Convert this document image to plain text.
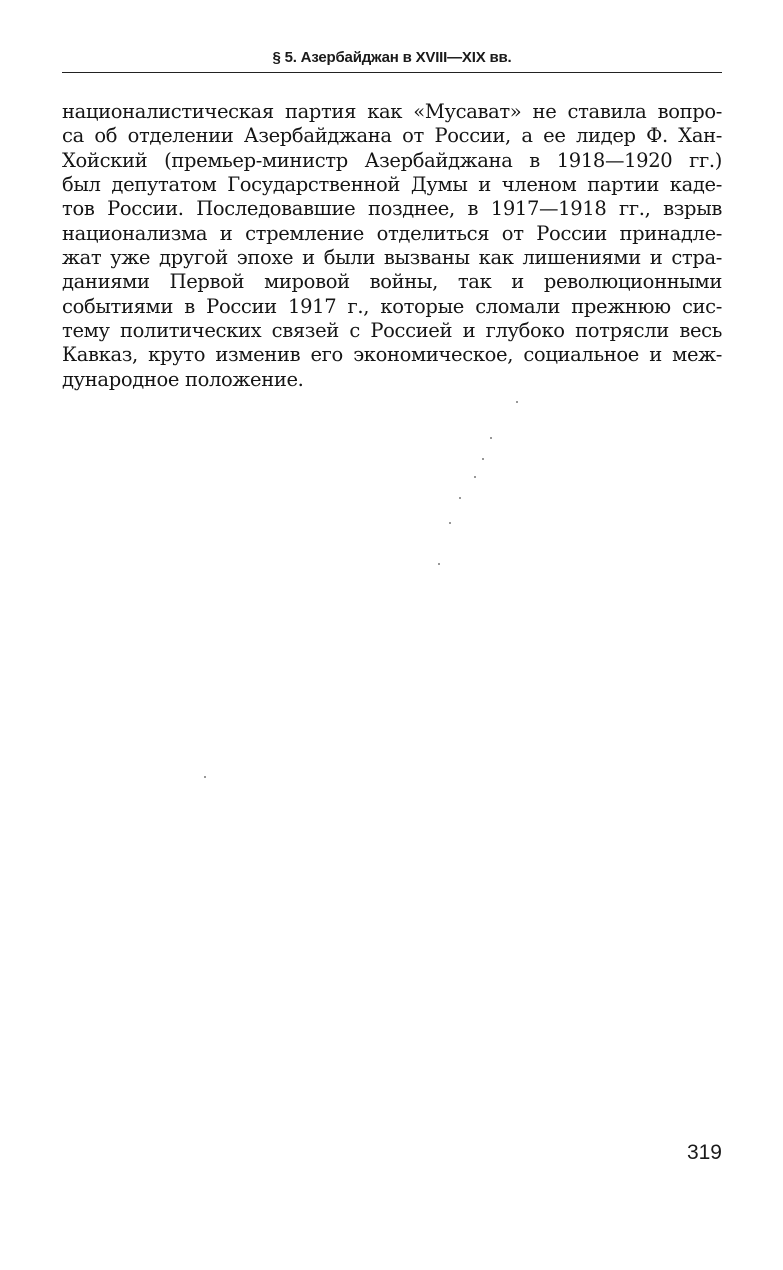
§ 5. Азербайджан в XVIII—XIX вв.
националистическая партия как «Мусават» не ставила вопро-
са об отделении Азербайджана от России, а ее лидер Ф. Хан-
Хойский (премьер-министр Азербайджана в 1918—1920 гг.)
был депутатом Государственной Думы и членом партии каде-
тов России. Последовавшие позднее, в 1917—1918 гг., взрыв
национализма и стремление отделиться от России принадле-
жат уже другой эпохе и были вызваны как лишениями и стра-
даниями Первой мировой войны, так и революционными
событиями в России 1917 г., которые сломали прежнюю сис-
тему политических связей с Россией и глубоко потрясли весь
Кавказ, круто изменив его экономическое, социальное и меж-
дународное положение.
319
